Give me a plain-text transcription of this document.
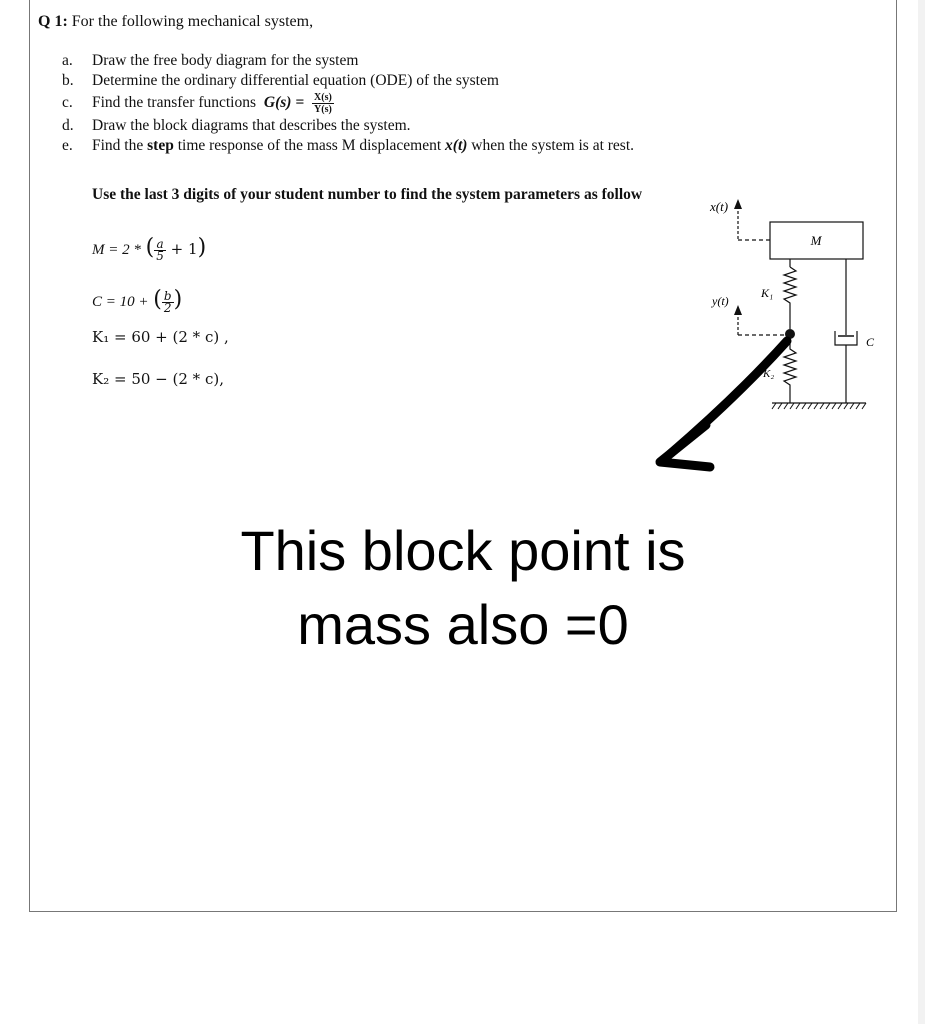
Q 1: For the following mechanical system,
a. Draw the free body diagram for the system
b. Determine the ordinary differential equation (ODE) of the system
c. Find the transfer functions $G(s) = \frac{X(s)}{Y(s)}$
d. Draw the block diagrams that describes the system.
e. Find the step time response of the mass M displacement x(t) when the system is at rest.
Use the last 3 digits of your student number to find the system parameters as follow
M = 2 * ( $\frac{a}{5} + 1$)
C = 10 + ( $\frac{b}{2}$ )
K₁ = 60 + (2 * c) ,
K₂ = 50 − (2 * c),
x(t)
M
K₁
y(t)
K₂
C
This block point is
mass also =0
